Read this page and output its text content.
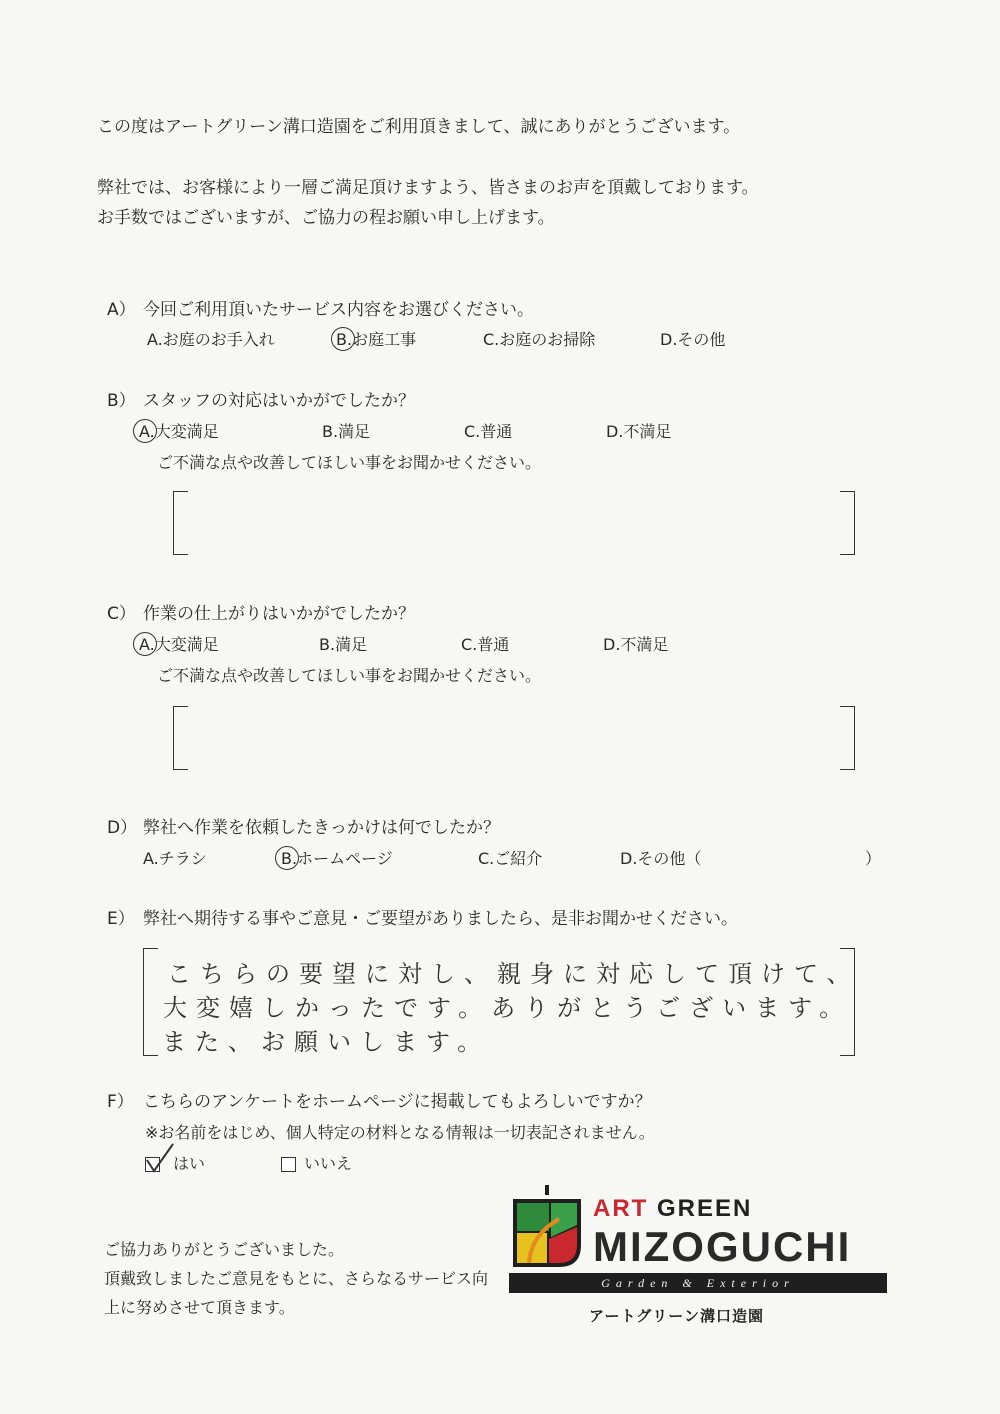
この度はアートグリーン溝口造園をご利用頂きまして、誠にありがとうございます。
弊社では、お客様により一層ご満足頂けますよう、皆さまのお声を頂戴しております。
お手数ではございますが、ご協力の程お願い申し上げます。
A） 今回ご利用頂いたサービス内容をお選びください。
A.お庭のお手入れ	B.お庭工事	C.お庭のお掃除	D.その他
B） スタッフの対応はいかがでしたか？
A.大変満足	B.満足	C.普通	D.不満足
ご不満な点や改善してほしい事をお聞かせください。
C） 作業の仕上がりはいかがでしたか？
A.大変満足	B.満足	C.普通	D.不満足
ご不満な点や改善してほしい事をお聞かせください。
D） 弊社へ作業を依頼したきっかけは何でしたか？
A.チラシ	B.ホームページ	C.ご紹介	D.その他（	）
E） 弊社へ期待する事やご意見・ご要望がありましたら、是非お聞かせください。
こちらの要望に対し、親身に対応して頂けて、
大変嬉しかったです。ありがとうございます。
また、お願いします。
F） こちらのアンケートをホームページに掲載してもよろしいですか？
※お名前をはじめ、個人特定の材料となる情報は一切表記されません。
はい	いいえ
ご協力ありがとうございました。
頂戴致しましたご意見をもとに、さらなるサービス向
上に努めさせて頂きます。
ART GREEN
MIZOGUCHI
Garden & Exterior
アートグリーン溝口造園
